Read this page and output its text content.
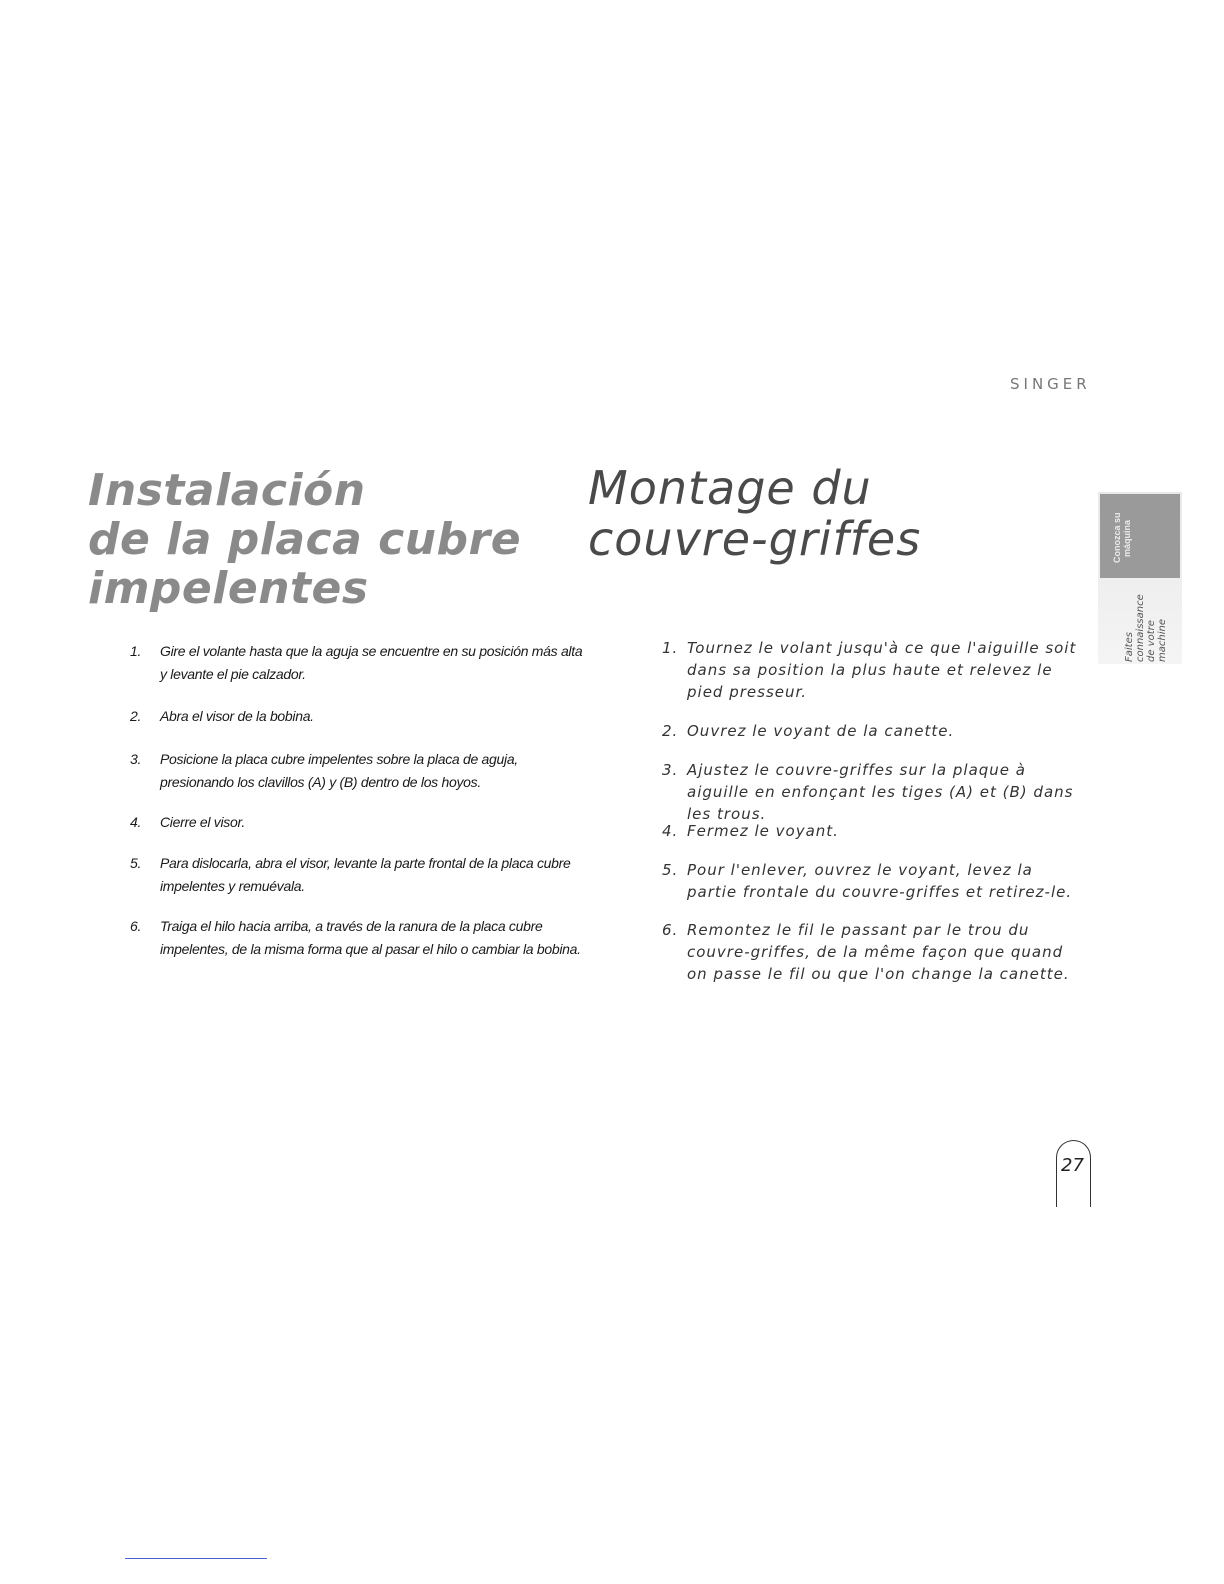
SINGER
Instalación
de la placa cubre
impelentes
Montage du
couvre-griffes
1. Gire el volante hasta que la aguja se encuentre en su posición más alta y levante el pie calzador.
2. Abra el visor de la bobina.
3. Posicione la placa cubre impelentes sobre la placa de aguja, presionando los clavillos (A) y (B) dentro de los hoyos.
4. Cierre el visor.
5. Para dislocarla, abra el visor, levante la parte frontal de la placa cubre impelentes y remuévala.
6. Traiga el hilo hacia arriba, a través de la ranura de la placa cubre impelentes, de la misma forma que al pasar el hilo o cambiar la bobina.
1. Tournez le volant jusqu'à ce que l'aiguille soit dans sa position la plus haute et relevez le pied presseur.
2. Ouvrez le voyant de la canette.
3. Ajustez le couvre-griffes sur la plaque à aiguille en enfonçant les tiges (A) et (B) dans les trous.
4. Fermez le voyant.
5. Pour l'enlever, ouvrez le voyant, levez la partie frontale du couvre-griffes et retirez-le.
6. Remontez le fil le passant par le trou du couvre-griffes, de la même façon que quand on passe le fil ou que l'on change la canette.
Conozca su máquina
Faites connaissance de votre machine
27
